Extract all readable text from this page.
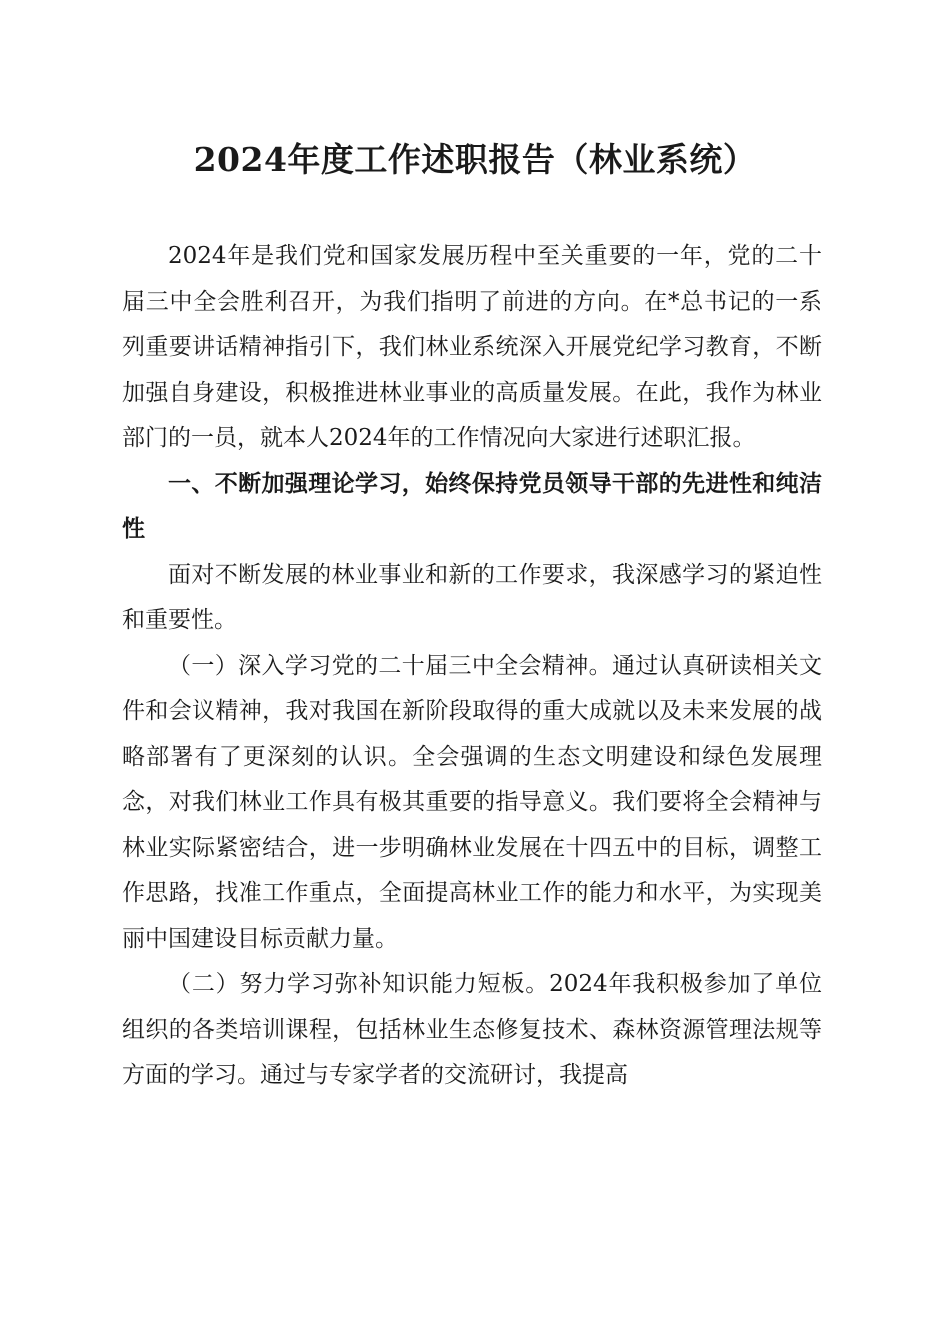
2024年度工作述职报告（林业系统）

2024年是我们党和国家发展历程中至关重要的一年，党的二十届三中全会胜利召开，为我们指明了前进的方向。在*总书记的一系列重要讲话精神指引下，我们林业系统深入开展党纪学习教育，不断加强自身建设，积极推进林业事业的高质量发展。在此，我作为林业部门的一员，就本人2024年的工作情况向大家进行述职汇报。

一、不断加强理论学习，始终保持党员领导干部的先进性和纯洁性

面对不断发展的林业事业和新的工作要求，我深感学习的紧迫性和重要性。

（一）深入学习党的二十届三中全会精神。通过认真研读相关文件和会议精神，我对我国在新阶段取得的重大成就以及未来发展的战略部署有了更深刻的认识。全会强调的生态文明建设和绿色发展理念，对我们林业工作具有极其重要的指导意义。我们要将全会精神与林业实际紧密结合，进一步明确林业发展在十四五中的目标，调整工作思路，找准工作重点，全面提高林业工作的能力和水平，为实现美丽中国建设目标贡献力量。

（二）努力学习弥补知识能力短板。2024年我积极参加了单位组织的各类培训课程，包括林业生态修复技术、森林资源管理法规等方面的学习。通过与专家学者的交流研讨，我提高
